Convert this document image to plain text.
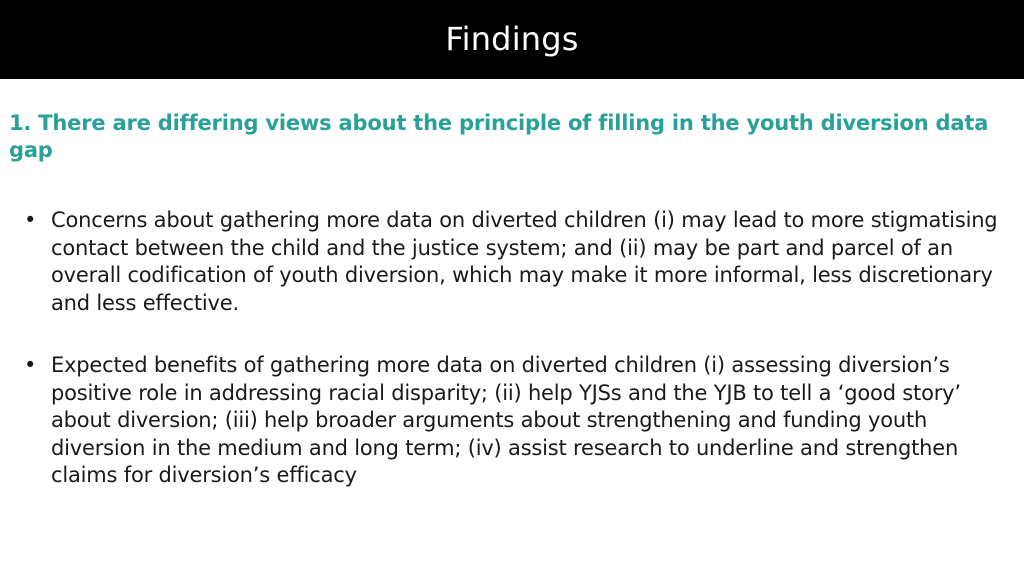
Findings
1. There are differing views about the principle of filling in the youth diversion data gap
• Concerns about gathering more data on diverted children (i) may lead to more stigmatising contact between the child and the justice system; and (ii) may be part and parcel of an overall codification of youth diversion, which may make it more informal, less discretionary and less effective.
• Expected benefits of gathering more data on diverted children (i) assessing diversion’s positive role in addressing racial disparity; (ii) help YJSs and the YJB to tell a ‘good story’ about diversion; (iii) help broader arguments about strengthening and funding youth diversion in the medium and long term; (iv) assist research to underline and strengthen claims for diversion’s efficacy
